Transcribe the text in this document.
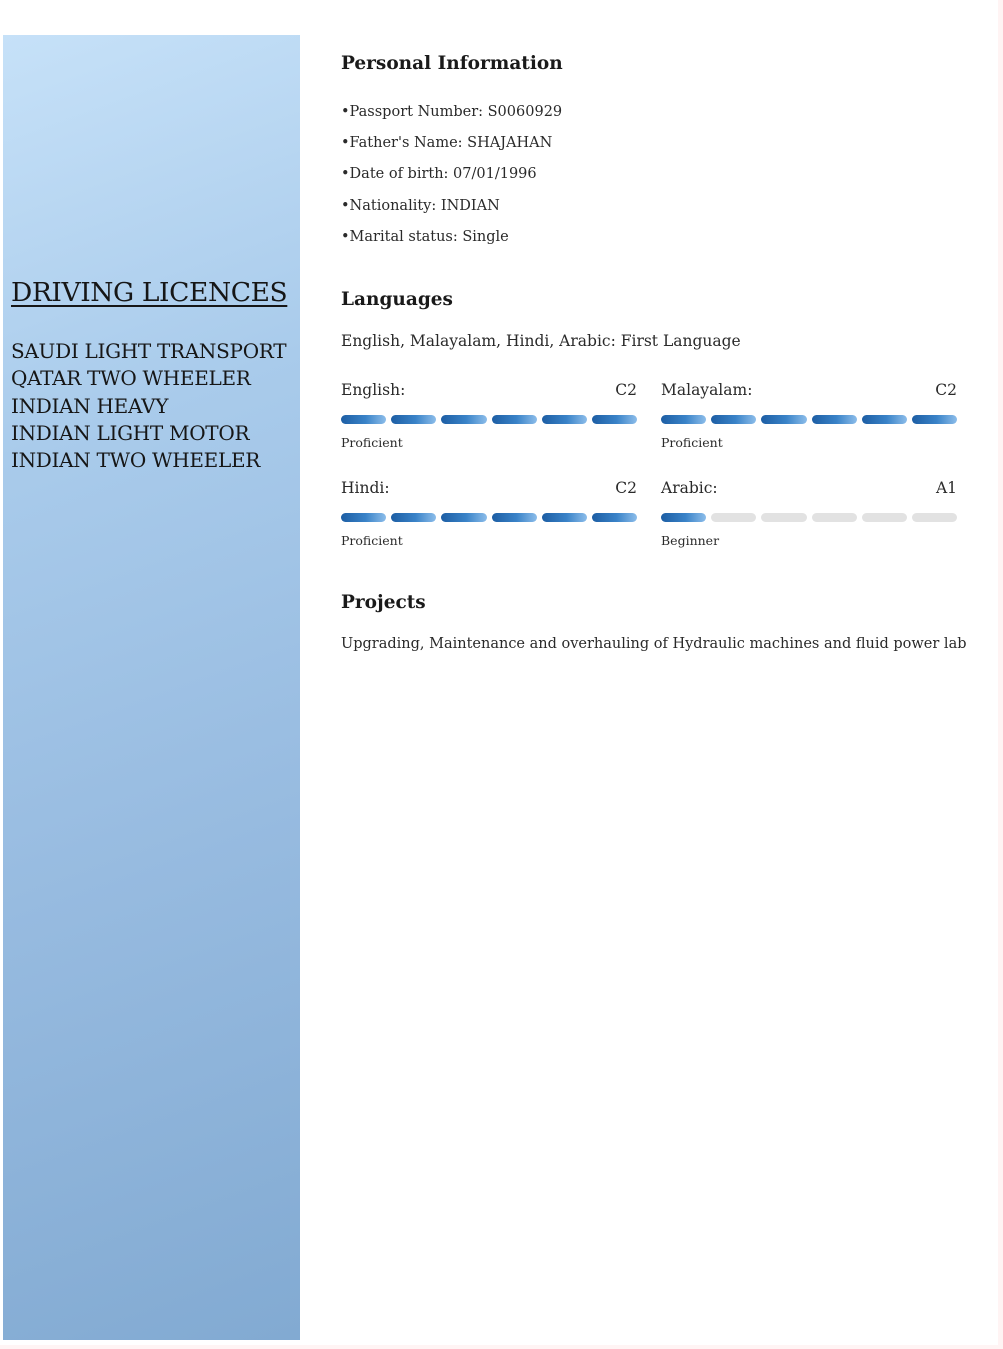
DRIVING LICENCES
SAUDI LIGHT TRANSPORT
QATAR TWO WHEELER
INDIAN HEAVY
INDIAN LIGHT MOTOR
INDIAN TWO WHEELER
Personal Information
•Passport Number: S0060929
•Father's Name: SHAJAHAN
•Date of birth: 07/01/1996
•Nationality: INDIAN
•Marital status: Single
Languages

English, Malayalam, Hindi, Arabic: First Language

English:	C2
Proficient
Malayalam:	C2
Proficient
Hindi:	C2
Proficient
Arabic:	A1
Beginner
Projects

Upgrading, Maintenance and overhauling of Hydraulic machines and fluid power lab
